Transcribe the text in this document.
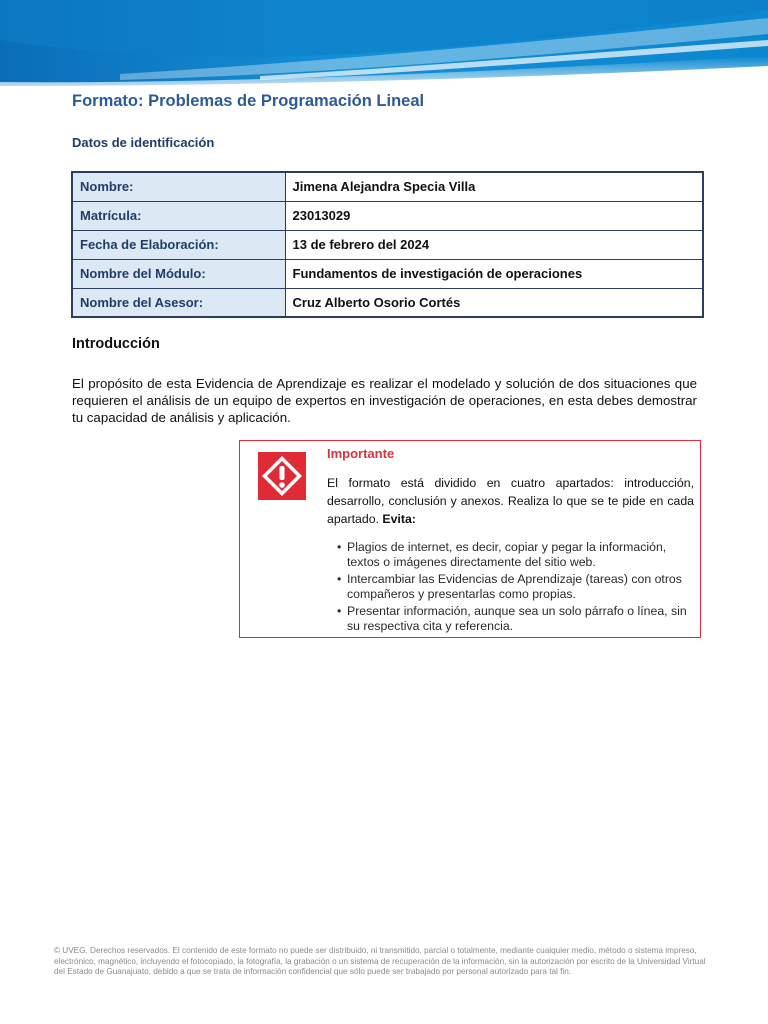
Formato: Problemas de Programación Lineal
Datos de identificación
Nombre:	Jimena Alejandra Specia Villa
Matrícula:	23013029
Fecha de Elaboración:	13 de febrero del 2024
Nombre del Módulo:	Fundamentos de investigación de operaciones
Nombre del Asesor:	Cruz Alberto Osorio Cortés
Introducción

El propósito de esta Evidencia de Aprendizaje es realizar el modelado y solución de dos situaciones que requieren el análisis de un equipo de expertos en investigación de operaciones, en esta debes demostrar tu capacidad de análisis y aplicación.

Importante

El formato está dividido en cuatro apartados: introducción, desarrollo, conclusión y anexos. Realiza lo que se te pide en cada apartado. Evita:

• Plagios de internet, es decir, copiar y pegar la información, textos o imágenes directamente del sitio web.
• Intercambiar las Evidencias de Aprendizaje (tareas) con otros compañeros y presentarlas como propias.
• Presentar información, aunque sea un solo párrafo o línea, sin su respectiva cita y referencia.

© UVEG. Derechos reservados. El contenido de este formato no puede ser distribuido, ni transmitido, parcial o totalmente, mediante cualquier medio, método o sistema impreso, electrónico, magnético, incluyendo el fotocopiado, la fotografía, la grabación o un sistema de recuperación de la información, sin la autorización por escrito de la Universidad Virtual del Estado de Guanajuato, debido a que se trata de información confidencial que sólo puede ser trabajado por personal autorizado para tal fin.
